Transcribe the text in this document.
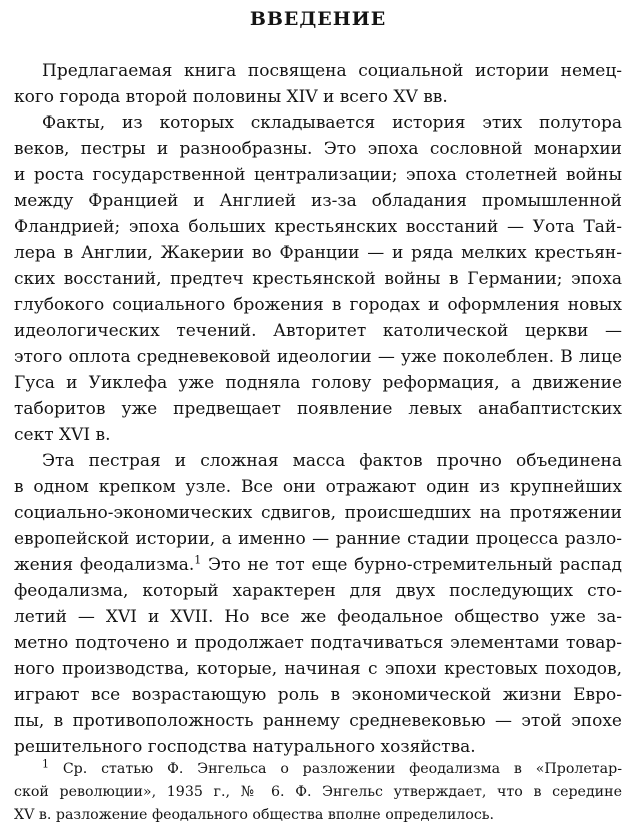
ВВЕДЕНИЕ
Предлагаемая книга посвящена социальной истории немец-
кого города второй половины XIV и всего XV вв.
Факты, из которых складывается история этих полутора
веков, пестры и разнообразны. Это эпоха сословной монархии
и роста государственной централизации; эпоха столетней войны
между Францией и Англией из-за обладания промышленной
Фландрией; эпоха больших крестьянских восстаний — Уота Тай-
лера в Англии, Жакерии во Франции — и ряда мелких крестьян-
ских восстаний, предтеч крестьянской войны в Германии; эпоха
глубокого социального брожения в городах и оформления новых
идеологических течений. Авторитет католической церкви —
этого оплота средневековой идеологии — уже поколеблен. В лице
Гуса и Уиклефа уже подняла голову реформация, а движение
таборитов уже предвещает появление левых анабаптистских
сект XVI в.
Эта пестрая и сложная масса фактов прочно объединена
в одном крепком узле. Все они отражают один из крупнейших
социально-экономических сдвигов, происшедших на протяжении
европейской истории, а именно — ранние стадии процесса разло-
жения феодализма.$^1$ Это не тот еще бурно-стремительный распад
феодализма, который характерен для двух последующих сто-
летий — XVI и XVII. Но все же феодальное общество уже за-
метно подточено и продолжает подтачиваться элементами товар-
ного производства, которые, начиная с эпохи крестовых походов,
играют все возрастающую роль в экономической жизни Евро-
пы, в противоположность раннему средневековью — этой эпохе
решительного господства натурального хозяйства.
$^1$ Ср. статью Ф. Энгельса о разложении феодализма в «Пролетар-
ской революции», 1935 г., № 6. Ф. Энгельс утверждает, что в середине
XV в. разложение феодального общества вполне определилось.
